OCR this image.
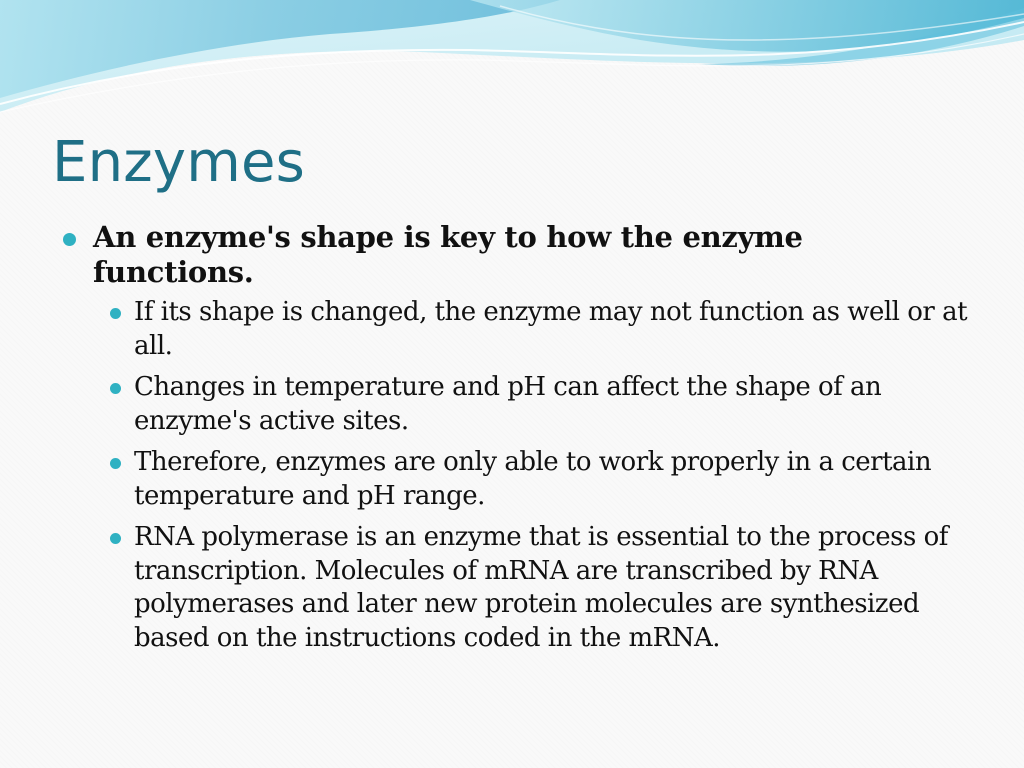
Enzymes
An enzyme's shape is key to how the enzyme functions.
If its shape is changed, the enzyme may not function as well or at all.
Changes in temperature and pH can affect the shape of an enzyme's active sites.
Therefore, enzymes are only able to work properly in a certain temperature and pH range.
RNA polymerase is an enzyme that is essential to the process of transcription. Molecules of mRNA are transcribed by RNA polymerases and later new protein molecules are synthesized based on the instructions coded in the mRNA.
